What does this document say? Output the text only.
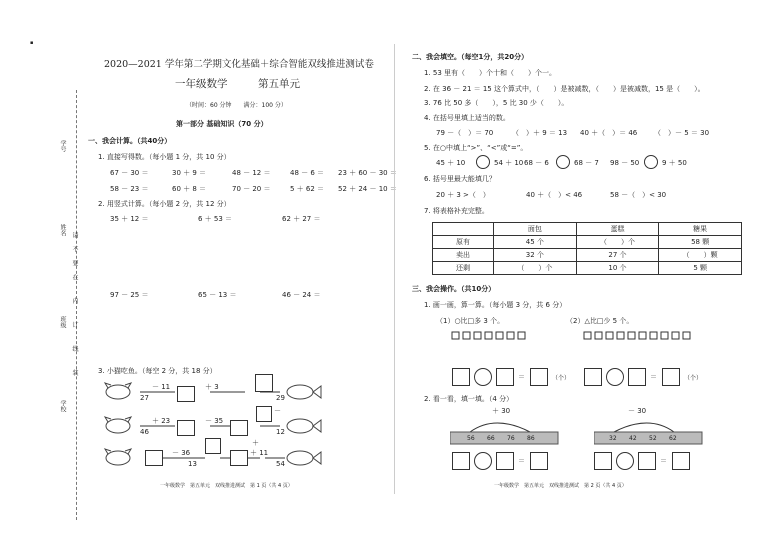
学号
姓名
班级
学校
请不要在 内 订 线 装
▪
2020—2021 学年第二学期文化基础＋综合智能双线推进测试卷
一年级数学	第五单元
（时间：60 分钟　　满分：100 分）
第一部分 基础知识（70 分）
一、我会计算。（共40分）
1. 直接写得数。（每小题 1 分，共 10 分）
67 － 30 ＝	30 ＋ 9 ＝	48 － 12 ＝	48 － 6 ＝ 23 ＋ 60 － 30 ＝
58 － 23 ＝	60 ＋ 8 ＝	70 － 20 ＝	5 ＋ 62 ＝ 52 ＋ 24 － 10 ＝
2. 用竖式计算。（每小题 2 分，共 12 分）
35 ＋ 12 ＝	6 ＋ 53 ＝	62 ＋ 27 ＝
97 － 25 ＝	65 － 13 ＝	46 － 24 ＝
3. 小猫吃鱼。（每空 2 分，共 18 分）
－ 11
27
＋ 3
29
＋ 23
46
－ 35
－
12
－ 36
13
＋ 11
＋
54
一年级数学　第五单元　双线推进测试　第 1 页（共 4 页）
二、我会填空。（每空1分，共20分）
1. 53 里有（　　）个十和（　　）个一。
2. 在 36 － 21 ＝ 15 这个算式中，（　　）是被减数，（　　）是被减数，15 是（　　）。
3. 76 比 50 多（　　），5 比 30 少（　　）。
4. 在括号里填上适当的数。
79 －（　）＝ 70	（　）＋ 9 ＝ 13 40 ＋（　）＝ 46 （　）－ 5 ＝ 30
5. 在○中填上“>”、“<”或“=”。
45 ＋ 10	54 ＋ 10 68 － 6	68 － 7 98 － 50	9 ＋ 50
6. 括号里最大能填几？
20 ＋ 3 >（　）	40 ＋（　）< 46	58 －（　）< 30
7. 将表格补充完整。
	面包	蛋糕	糖果
原有	45 个	（　　）个	58 颗
卖出	32 个	27 个	（　　）颗
还剩	（　　）个	10 个	5 颗
三、我会操作。（共10分）
1. 画一画，算一算。（每小题 3 分，共 6 分）
（1）○比□多 3 个。	（2）△比□少 5 个。
＝	（个）	＝	（个）
2. 看一看，填一填。（4 分）
＋ 30
56 66 76 86
－ 30
32 42 52 62
＝	＝
一年级数学　第五单元　双线推进测试　第 2 页（共 4 页）
